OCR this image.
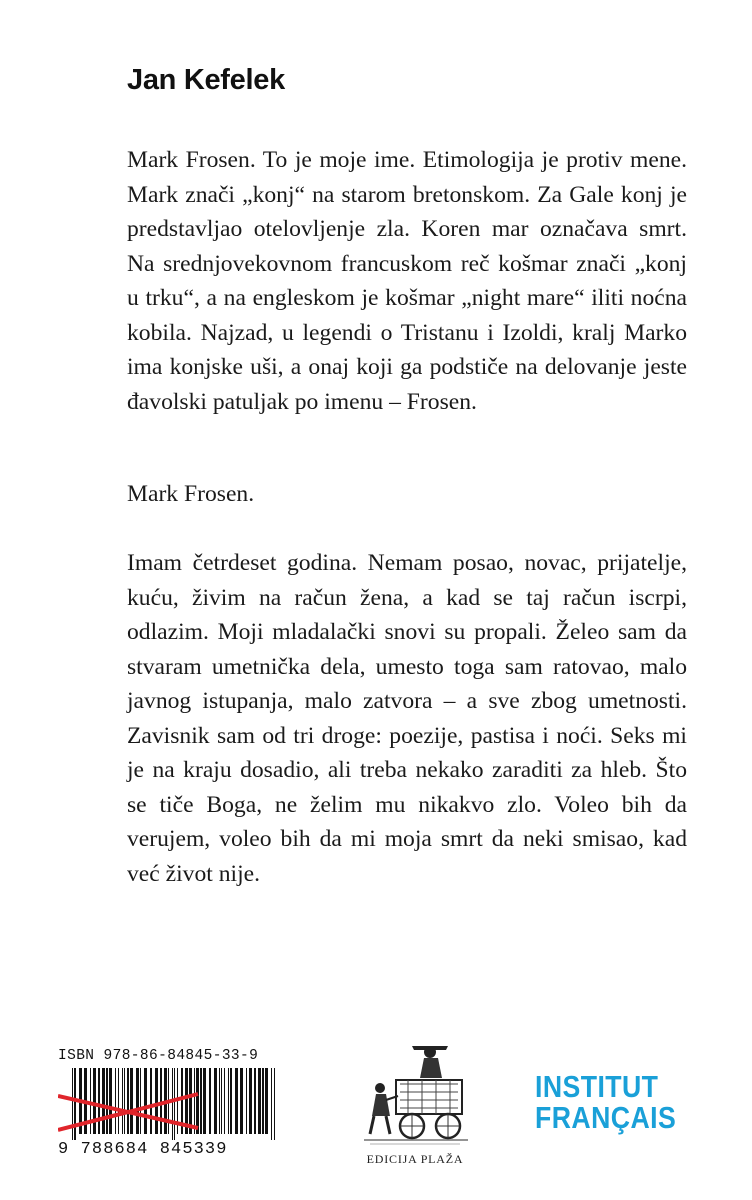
Jan Kefelek

Mark Frosen. To je moje ime. Etimologija je protiv mene. Mark znači „konj“ na starom bretonskom. Za Gale konj je predstavljao otelovljenje zla. Koren mar označava smrt. Na srednjovekovnom francuskom reč košmar znači „konj u trku“, a na engleskom je košmar „night mare“ iliti noćna kobila. Najzad, u legendi o Tristanu i Izoldi, kralj Marko ima konjske uši, a onaj koji ga podstiče na delovanje jeste đavolski patuljak po imenu – Frosen.

Mark Frosen.

Imam četrdeset godina. Nemam posao, novac, prijatelje, kuću, živim na račun žena, a kad se taj račun iscrpi, odlazim. Moji mladalački snovi su propali. Želeo sam da stvaram umetnička dela, umesto toga sam ratovao, malo javnog istupanja, malo zatvora – a sve zbog umetnosti. Zavisnik sam od tri droge: poezije, pastisa i noći. Seks mi je na kraju dosadio, ali treba nekako zaraditi za hleb. Što se tiče Boga, ne želim mu nikakvo zlo. Voleo bih da verujem, voleo bih da mi moja smrt da neki smisao, kad već život nije.

ISBN 978-86-84845-33-9
9 788684 845339	EDICIJA PLAŽA
INSTITUT
FRANÇAIS
